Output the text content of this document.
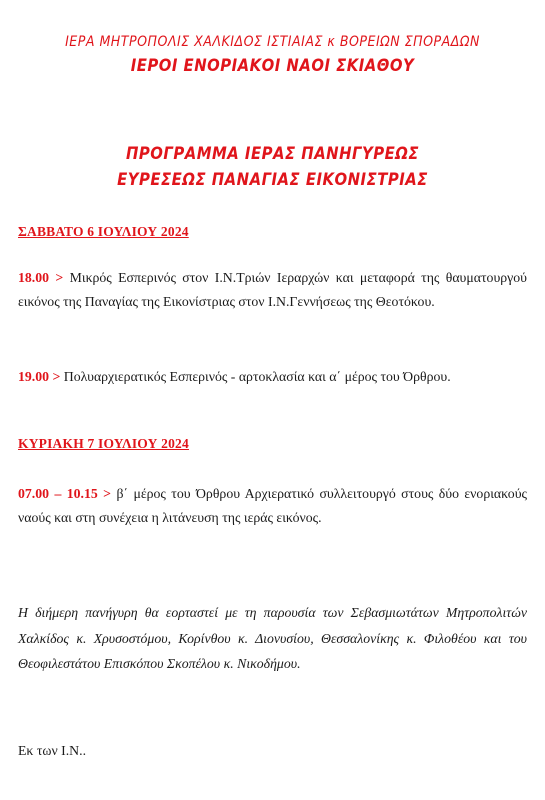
ΙΕΡΑ ΜΗΤΡΟΠΟΛΙΣ ΧΑΛΚΙΔΟΣ ΙΣΤΙΑΙΑΣ κ ΒΟΡΕΙΩΝ ΣΠΟΡΑΔΩΝ
ΙΕΡΟΙ ΕΝΟΡΙΑΚΟΙ ΝΑΟΙ ΣΚΙΑΘΟΥ
ΠΡΟΓΡΑΜΜΑ ΙΕΡΑΣ ΠΑΝΗΓΥΡΕΩΣ
ΕΥΡΕΣΕΩΣ ΠΑΝΑΓΙΑΣ ΕΙΚΟΝΙΣΤΡΙΑΣ
ΣΑΒΒΑΤΟ 6 ΙΟΥΛΙΟΥ 2024
18.00 > Μικρός Εσπερινός στον Ι.Ν.Τριών Ιεραρχών και μεταφορά της θαυματουργού εικόνος της Παναγίας της Εικονίστριας στον Ι.Ν.Γεννήσεως της Θεοτόκου.
19.00 > Πολυαρχιερατικός Εσπερινός - αρτοκλασία και α΄ μέρος του Όρθρου.
ΚΥΡΙΑΚΗ 7 ΙΟΥΛΙΟΥ 2024
07.00 – 10.15 > β΄ μέρος του Όρθρου Αρχιερατικό συλλειτουργό στους δύο ενοριακούς ναούς και στη συνέχεια η λιτάνευση της ιεράς εικόνος.
Η διήμερη πανήγυρη θα εορταστεί με τη παρουσία των Σεβασμιωτάτων Μητροπολιτών Χαλκίδος κ. Χρυσοστόμου, Κορίνθου κ. Διονυσίου, Θεσσαλονίκης κ. Φιλοθέου και του Θεοφιλεστάτου Επισκόπου Σκοπέλου κ. Νικοδήμου.
Εκ των Ι.Ν..
